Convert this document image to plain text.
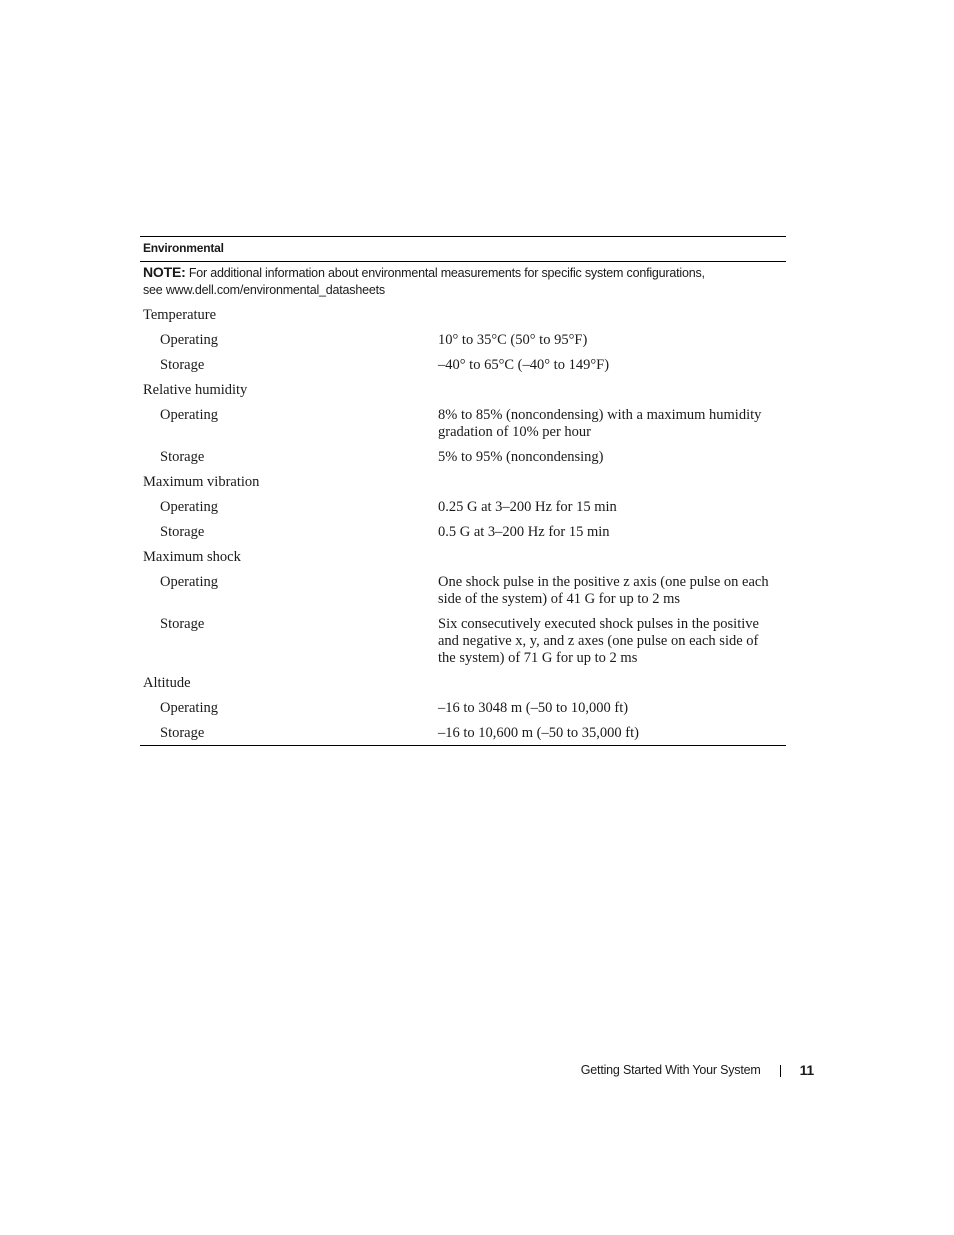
Environmental
NOTE: For additional information about environmental measurements for specific system configurations,
see www.dell.com/environmental_datasheets
Temperature
Operating	10° to 35°C (50° to 95°F)
Storage	–40° to 65°C (–40° to 149°F)
Relative humidity
Operating	8% to 85% (noncondensing) with a maximum humidity
gradation of 10% per hour
Storage	5% to 95% (noncondensing)
Maximum vibration
Operating	0.25 G at 3–200 Hz for 15 min
Storage	0.5 G at 3–200 Hz for 15 min
Maximum shock
Operating	One shock pulse in the positive z axis (one pulse on each
side of the system) of 41 G for up to 2 ms
Storage	Six consecutively executed shock pulses in the positive
and negative x, y, and z axes (one pulse on each side of
the system) of 71 G for up to 2 ms
Altitude
Operating	–16 to 3048 m (–50 to 10,000 ft)
Storage	–16 to 10,600 m (–50 to 35,000 ft)
Getting Started With Your System	11
